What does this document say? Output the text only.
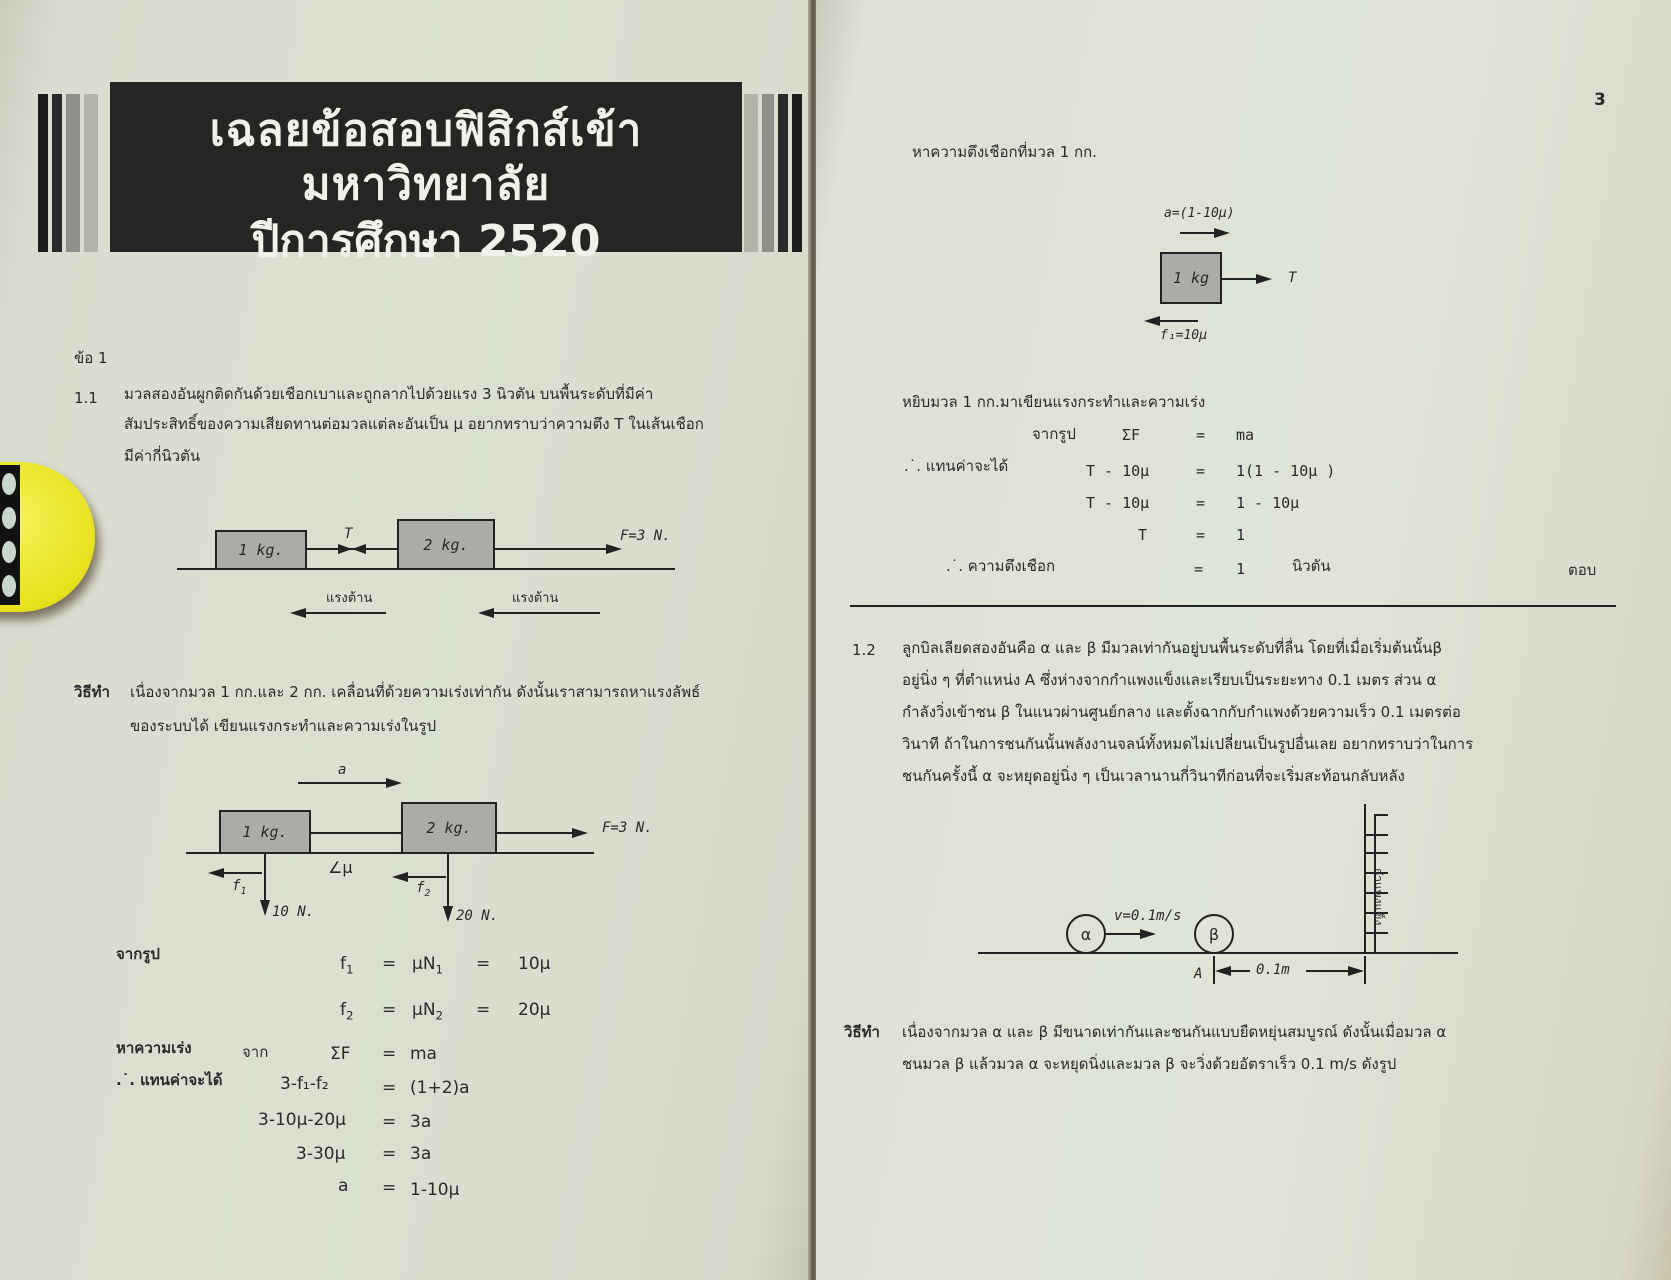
เฉลยข้อสอบฟิสิกส์เข้ามหาวิทยาลัย
ปีการศึกษา 2520
ข้อ 1
1.1 มวลสองอันผูกติดกันด้วยเชือกเบาและถูกลากไปด้วยแรง 3 นิวตัน บนพื้นระดับที่มีค่า
สัมประสิทธิ์ของความเสียดทานต่อมวลแต่ละอันเป็น μ อยากทราบว่าความตึง T ในเส้นเชือก
มีค่ากี่นิวตัน
1 kg.
T
2 kg.	F=3 N.
แรงต้าน	แรงต้าน
วิธีทำ เนื่องจากมวล 1 กก.และ 2 กก. เคลื่อนที่ด้วยความเร่งเท่ากัน ดังนั้นเราสามารถหาแรงลัพธ์
ของระบบได้ เขียนแรงกระทำและความเร่งในรูป
a
1 kg.	2 kg.	F=3 N.
∠μ
10 N.
$f_1$
20 N.
$f_2$
จากรูป	$f_1 = \mu N_1 = 10\mu$
$f_2 = \mu N_2 = 20\mu$
หาความเร่ง	จาก	ΣF = ma
.˙. แทนค่าจะได้	3-f₁-f₂	= (1+2)a
3-10μ-20μ = 3a
3-30μ = 3a
a = 1-10μ
3
หาความตึงเชือกที่มวล 1 กก.
a=(1-10μ)
1 kg	T
f₁=10μ
หยิบมวล 1 กก.มาเขียนแรงกระทำและความเร่ง
จากรูป	ΣF	= ma
.˙. แทนค่าจะได้	T - 10μ	= 1(1 - 10μ )
T - 10μ	= 1 - 10μ
T	= 1
.˙. ความตึงเชือก	= 1	นิวตัน	ตอบ
1.2 ลูกบิลเลียดสองอันคือ α และ β มีมวลเท่ากันอยู่บนพื้นระดับที่ลื่น โดยที่เมื่อเริ่มต้นนั้นβ
อยู่นิ่ง ๆ ที่ตำแหน่ง A ซึ่งห่างจากกำแพงแข็งและเรียบเป็นระยะทาง 0.1 เมตร ส่วน α
กำลังวิ่งเข้าชน β ในแนวผ่านศูนย์กลาง และตั้งฉากกับกำแพงด้วยความเร็ว 0.1 เมตรต่อ
วินาที ถ้าในการชนกันนั้นพลังงานจลน์ทั้งหมดไม่เปลี่ยนเป็นรูปอื่นเลย อยากทราบว่าในการ
ชนกันครั้งนี้ α จะหยุดอยู่นิ่ง ๆ เป็นเวลานานกี่วินาทีก่อนที่จะเริ่มสะท้อนกลับหลัง
α
v=0.1m/s
β
กำแพงแข็ง
A	0.1m
วิธีทำ เนื่องจากมวล α และ β มีขนาดเท่ากันและชนกันแบบยืดหยุ่นสมบูรณ์ ดังนั้นเมื่อมวล α
ชนมวล β แล้วมวล α จะหยุดนิ่งและมวล β จะวิ่งด้วยอัตราเร็ว 0.1 m/s ดังรูป
